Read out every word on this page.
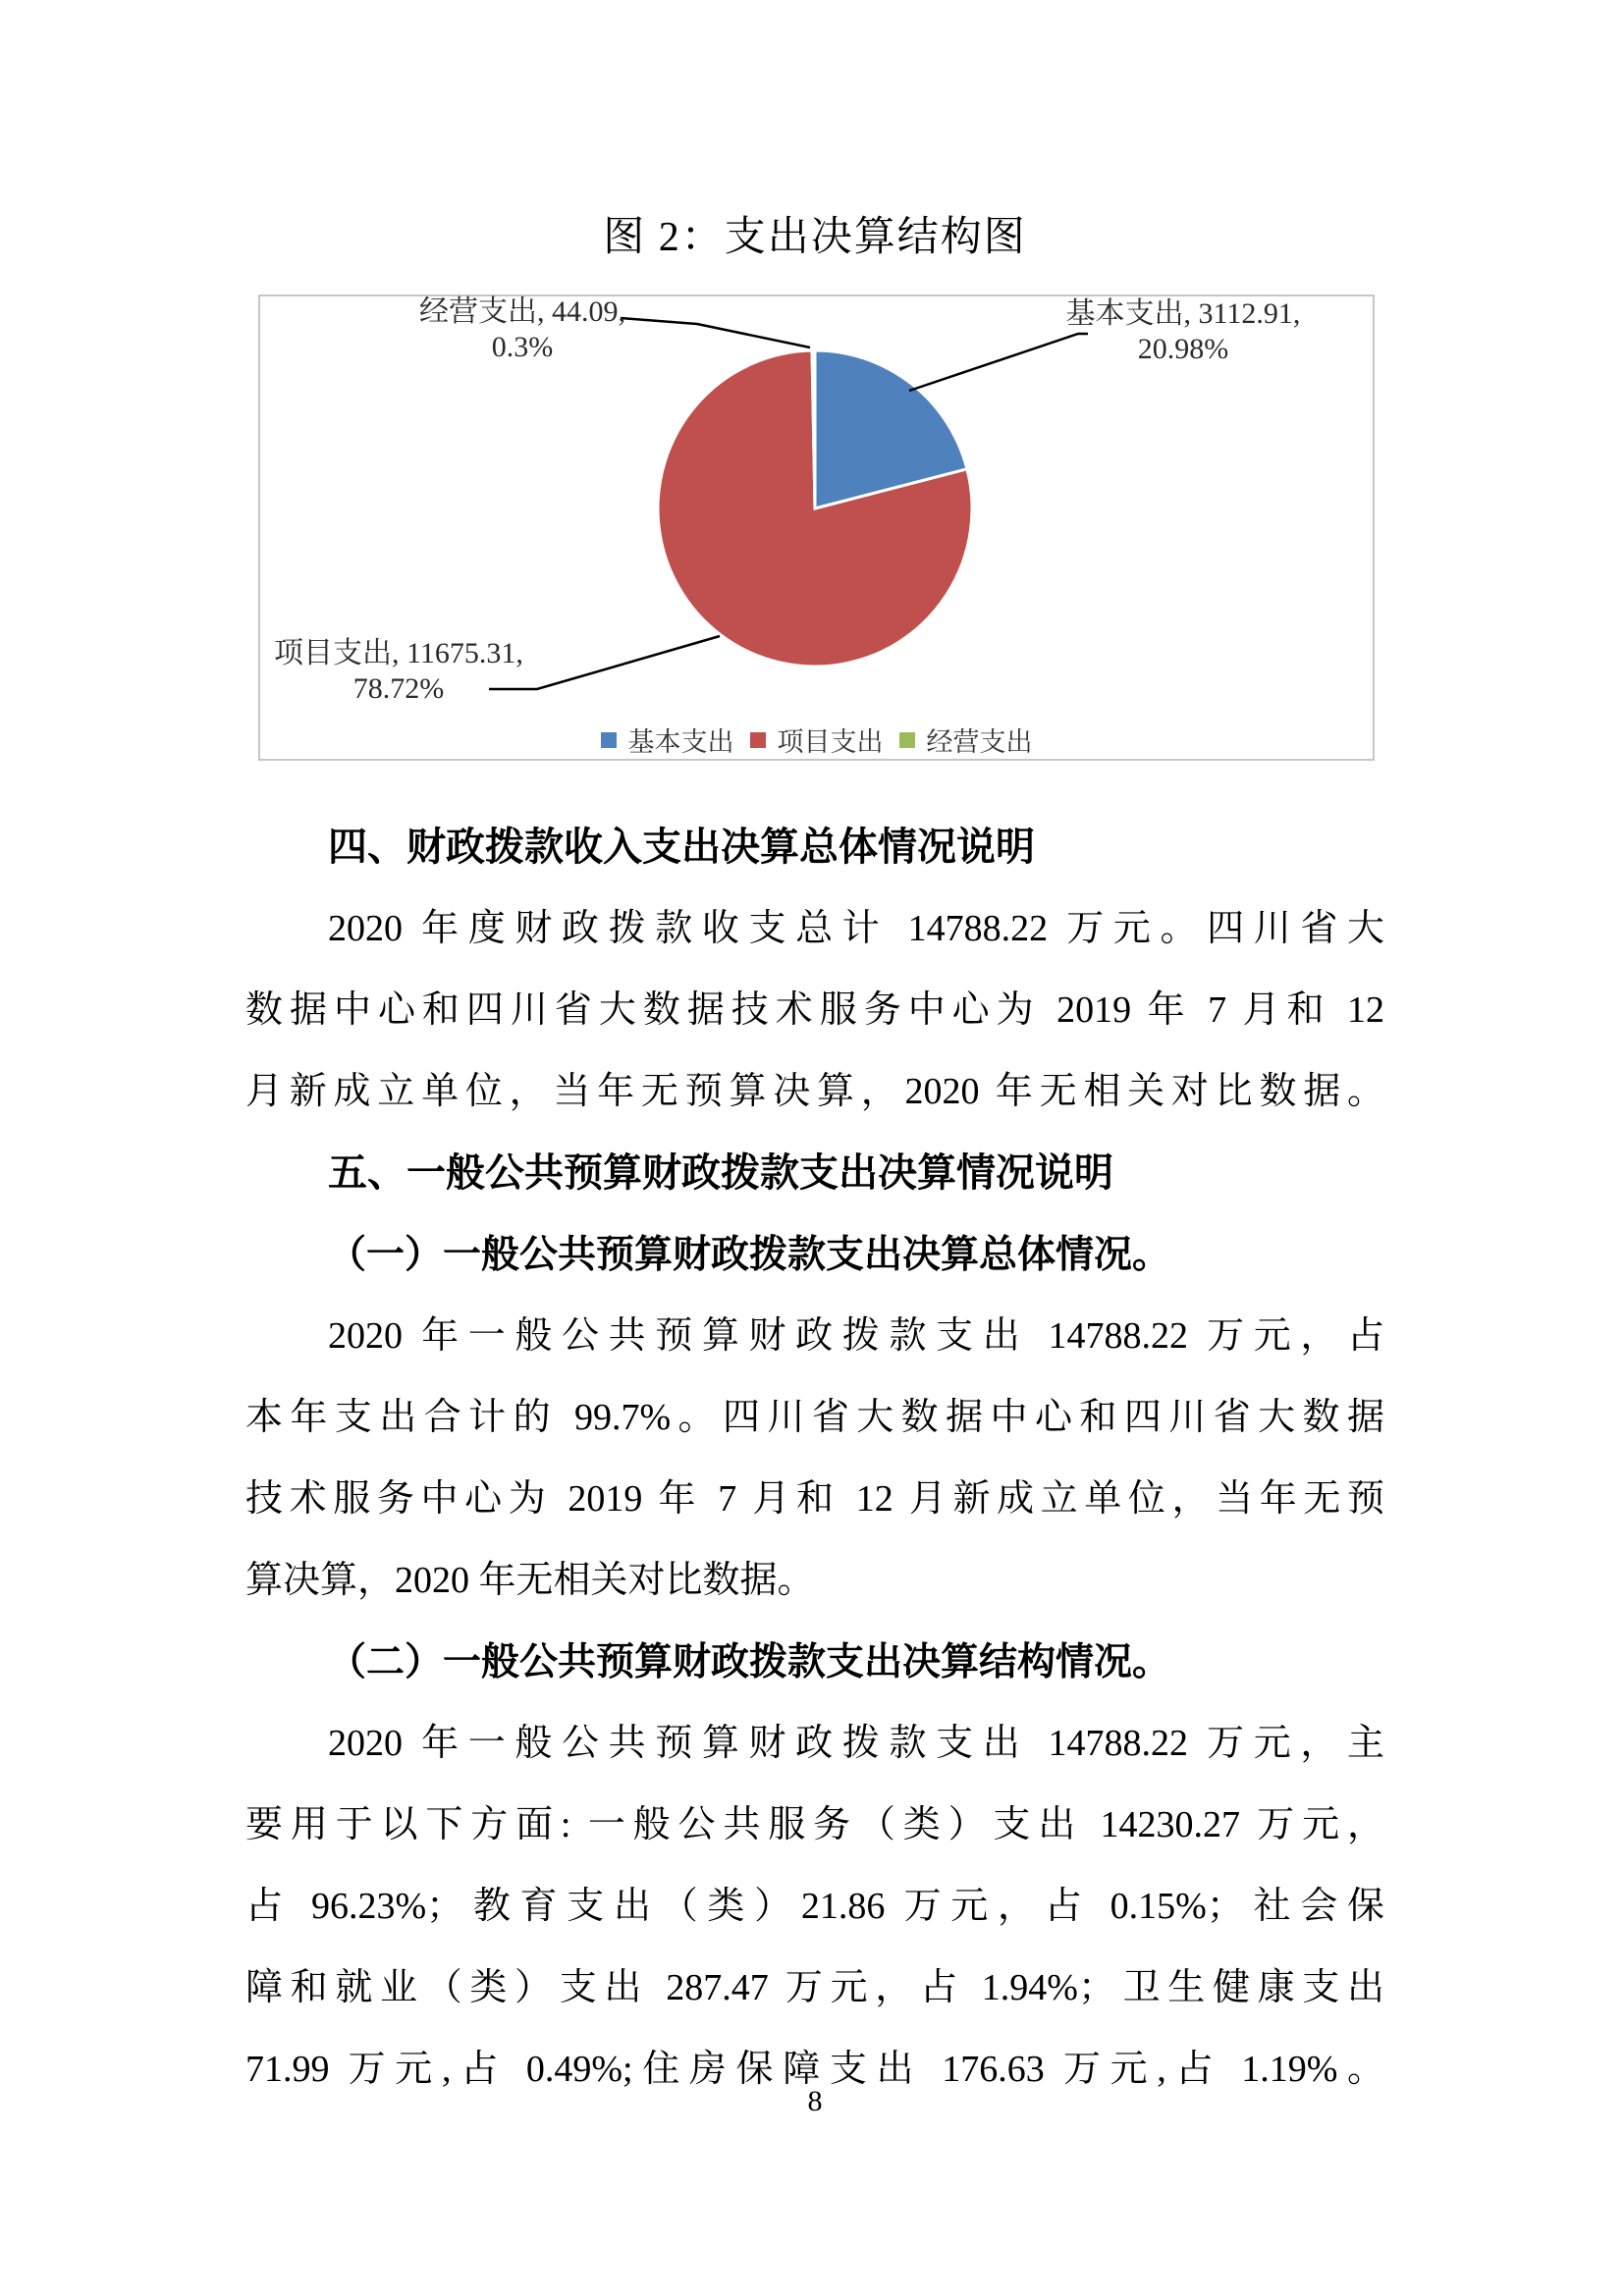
图 2：支出决算结构图
经营支出, 44.09,
0.3%
基本支出, 3112.91,
20.98%
项目支出, 11675.31,
78.72%
基本支出 项目支出 经营支出
四、财政拨款收入支出决算总体情况说明
2020 年度财政拨款收支总计 14788.22 万元。四川省大
数据中心和四川省大数据技术服务中心为 2019 年 7 月和 12
月新成立单位，当年无预算决算，2020 年无相关对比数据。
五、一般公共预算财政拨款支出决算情况说明
（一）一般公共预算财政拨款支出决算总体情况。
2020 年一般公共预算财政拨款支出 14788.22 万元，占
本年支出合计的 99.7%。四川省大数据中心和四川省大数据
技术服务中心为 2019 年 7 月和 12 月新成立单位，当年无预
算决算，2020 年无相关对比数据。
（二）一般公共预算财政拨款支出决算结构情况。
2020 年一般公共预算财政拨款支出 14788.22 万元，主
要用于以下方面: 一般公共服务（类）支出 14230.27 万元，
占 96.23%；教育支出（类）21.86 万元，占 0.15%；社会保
障和就业（类）支出 287.47 万元，占 1.94%；卫生健康支出
71.99 万元,占 0.49%;住房保障支出 176.63 万元,占 1.19%。
8
